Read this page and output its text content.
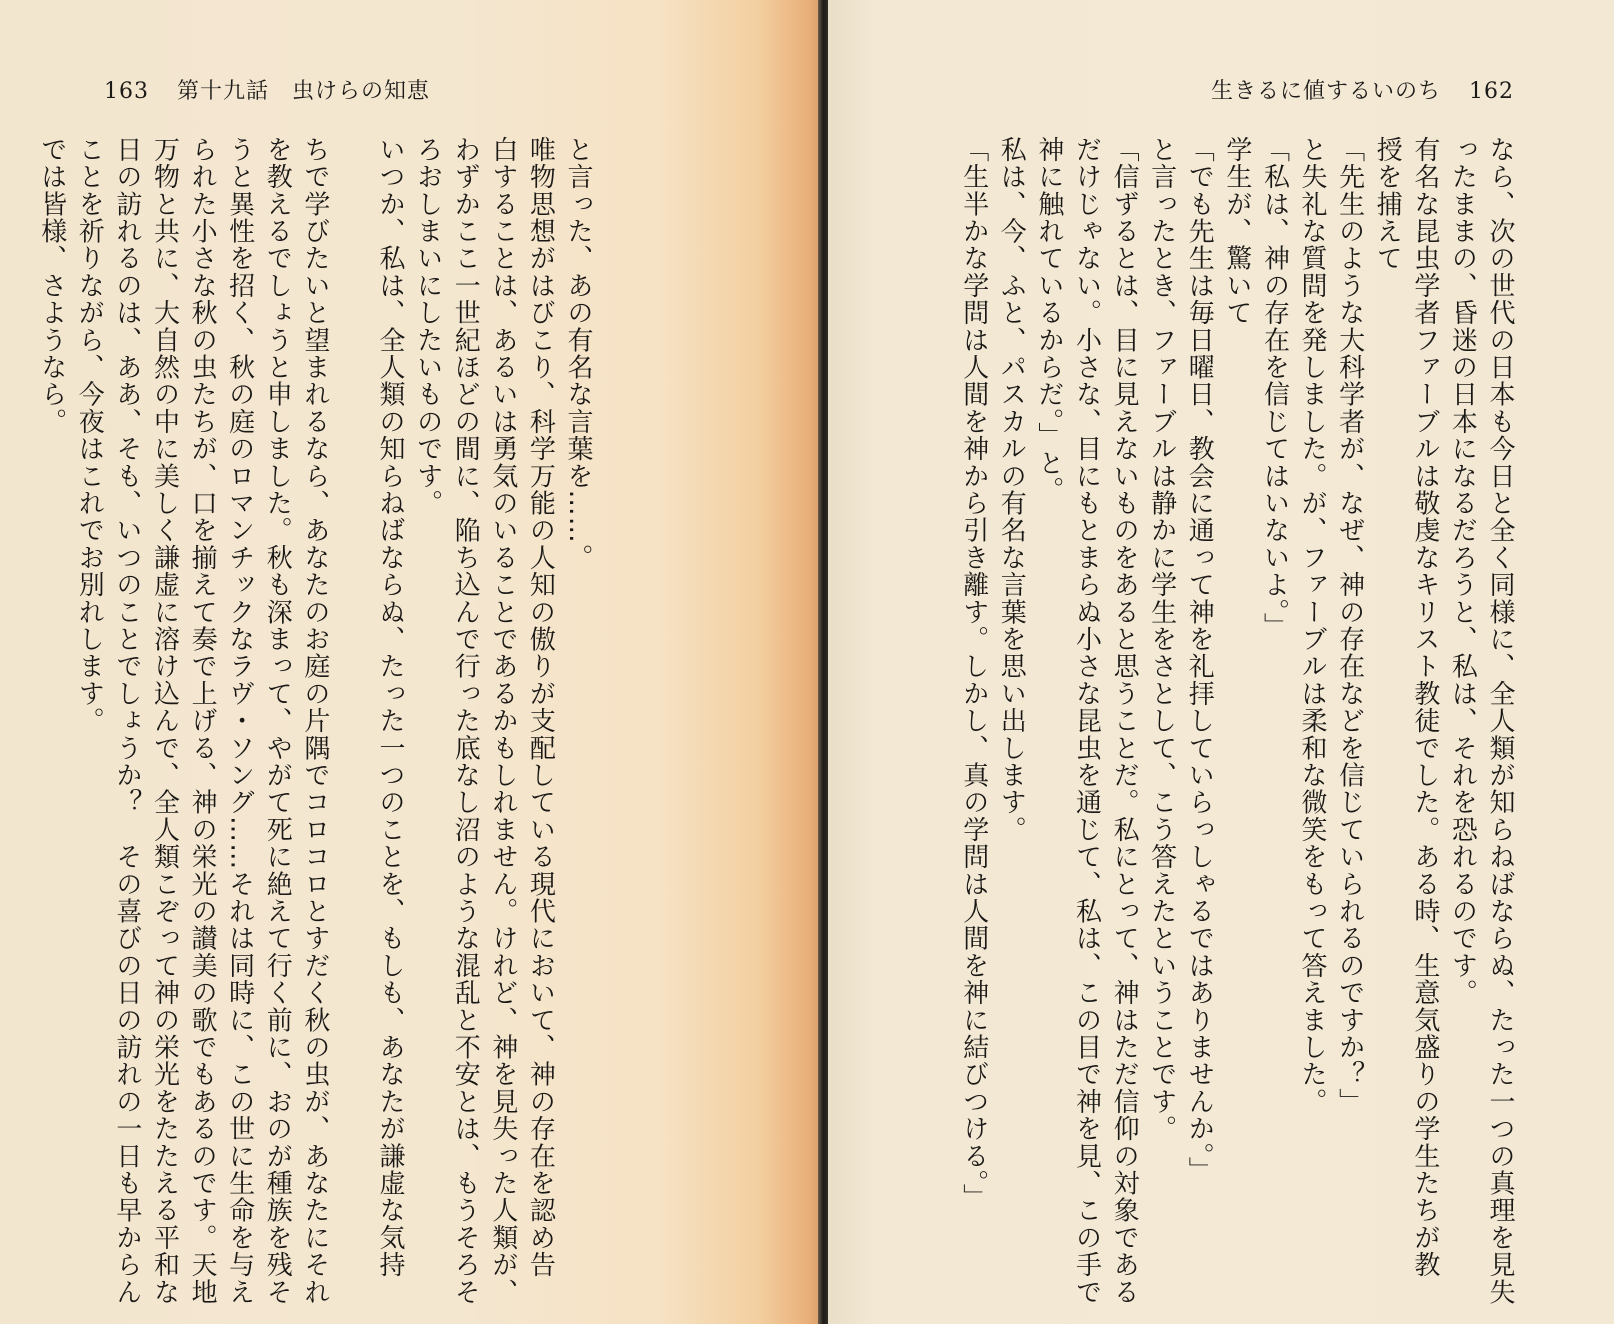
163 第十九話　虫けらの知恵
と言った、あの有名な言葉を……。
唯物思想がはびこり、科学万能の人知の傲りが支配している現代において、神の存在を認め告
白することは、あるいは勇気のいることであるかもしれません。けれど、神を見失った人類が、
わずかここ一世紀ほどの間に、陥ち込んで行った底なし沼のような混乱と不安とは、もうそろそ
ろおしまいにしたいものです。
いつか、私は、全人類の知らねばならぬ、たった一つのことを、もしも、あなたが謙虚な気持
ちで学びたいと望まれるなら、あなたのお庭の片隅でコロコロとすだく秋の虫が、あなたにそれ
を教えるでしょうと申しました。秋も深まって、やがて死に絶えて行く前に、おのが種族を残そ
うと異性を招く、秋の庭のロマンチックなラヴ・ソング……それは同時に、この世に生命を与え
られた小さな秋の虫たちが、口を揃えて奏で上げる、神の栄光の讃美の歌でもあるのです。天地
万物と共に、大自然の中に美しく謙虚に溶け込んで、全人類こぞって神の栄光をたたえる平和な
日の訪れるのは、ああ、そも、いつのことでしょうか？　その喜びの日の訪れの一日も早からん
ことを祈りながら、今夜はこれでお別れします。
では皆様、さようなら。
生きるに値するいのち 162
なら、次の世代の日本も今日と全く同様に、全人類が知らねばならぬ、たった一つの真理を見失
ったままの、昏迷の日本になるだろうと、私は、それを恐れるのです。
有名な昆虫学者ファーブルは敬虔なキリスト教徒でした。ある時、生意気盛りの学生たちが教
授を捕えて
「先生のような大科学者が、なぜ、神の存在などを信じていられるのですか？」
と失礼な質問を発しました。が、ファーブルは柔和な微笑をもって答えました。
「私は、神の存在を信じてはいないよ。」
学生が、驚いて
「でも先生は毎日曜日、教会に通って神を礼拝していらっしゃるではありませんか。」
と言ったとき、ファーブルは静かに学生をさとして、こう答えたということです。
「信ずるとは、目に見えないものをあると思うことだ。私にとって、神はただ信仰の対象である
だけじゃない。小さな、目にもとまらぬ小さな昆虫を通じて、私は、この目で神を見、この手で
神に触れているからだ。」と。
私は、今、ふと、パスカルの有名な言葉を思い出します。
「生半かな学問は人間を神から引き離す。しかし、真の学問は人間を神に結びつける。」
